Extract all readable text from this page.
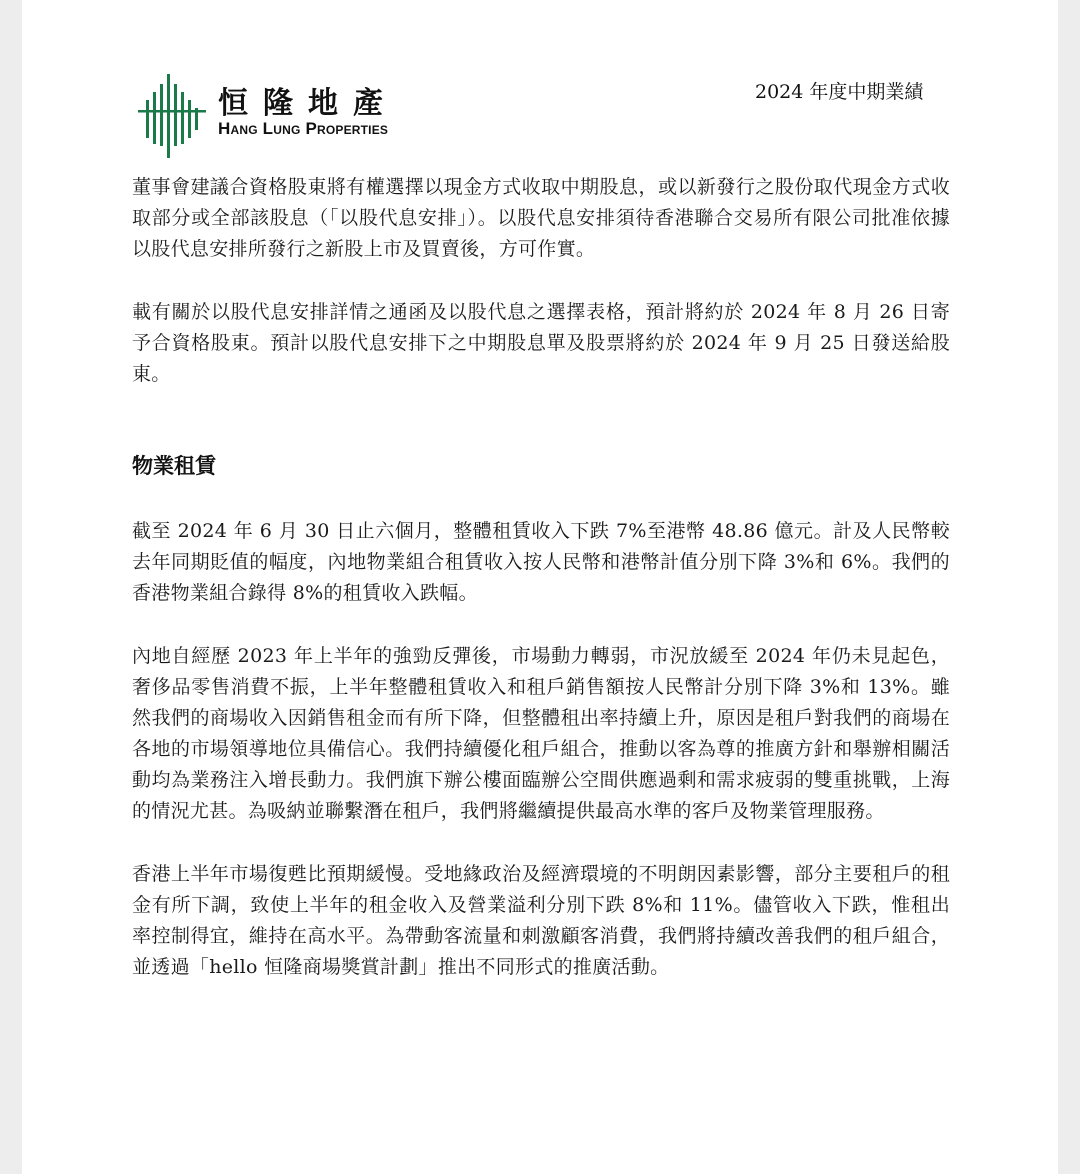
恒隆地產
Hang Lung Properties
2024 年度中期業績

董事會建議合資格股東將有權選擇以現金方式收取中期股息，或以新發行之股份取代現金方式收取部分或全部該股息（「以股代息安排」）。以股代息安排須待香港聯合交易所有限公司批准依據以股代息安排所發行之新股上市及買賣後，方可作實。

載有關於以股代息安排詳情之通函及以股代息之選擇表格，預計將約於 2024 年 8 月 26 日寄予合資格股東。預計以股代息安排下之中期股息單及股票將約於 2024 年 9 月 25 日發送給股東。

物業租賃

截至 2024 年 6 月 30 日止六個月，整體租賃收入下跌 7%至港幣 48.86 億元。計及人民幣較去年同期貶值的幅度，內地物業組合租賃收入按人民幣和港幣計值分別下降 3%和 6%。我們的香港物業組合錄得 8%的租賃收入跌幅。

內地自經歷 2023 年上半年的強勁反彈後，市場動力轉弱，市況放緩至 2024 年仍未見起色，奢侈品零售消費不振，上半年整體租賃收入和租戶銷售額按人民幣計分別下降 3%和 13%。雖然我們的商場收入因銷售租金而有所下降，但整體租出率持續上升，原因是租戶對我們的商場在各地的市場領導地位具備信心。我們持續優化租戶組合，推動以客為尊的推廣方針和舉辦相關活動均為業務注入增長動力。我們旗下辦公樓面臨辦公空間供應過剩和需求疲弱的雙重挑戰，上海的情況尤甚。為吸納並聯繫潛在租戶，我們將繼續提供最高水準的客戶及物業管理服務。

香港上半年市場復甦比預期緩慢。受地緣政治及經濟環境的不明朗因素影響，部分主要租戶的租金有所下調，致使上半年的租金收入及營業溢利分別下跌 8%和 11%。儘管收入下跌，惟租出率控制得宜，維持在高水平。為帶動客流量和刺激顧客消費，我們將持續改善我們的租戶組合，並透過「hello 恒隆商場獎賞計劃」推出不同形式的推廣活動。
